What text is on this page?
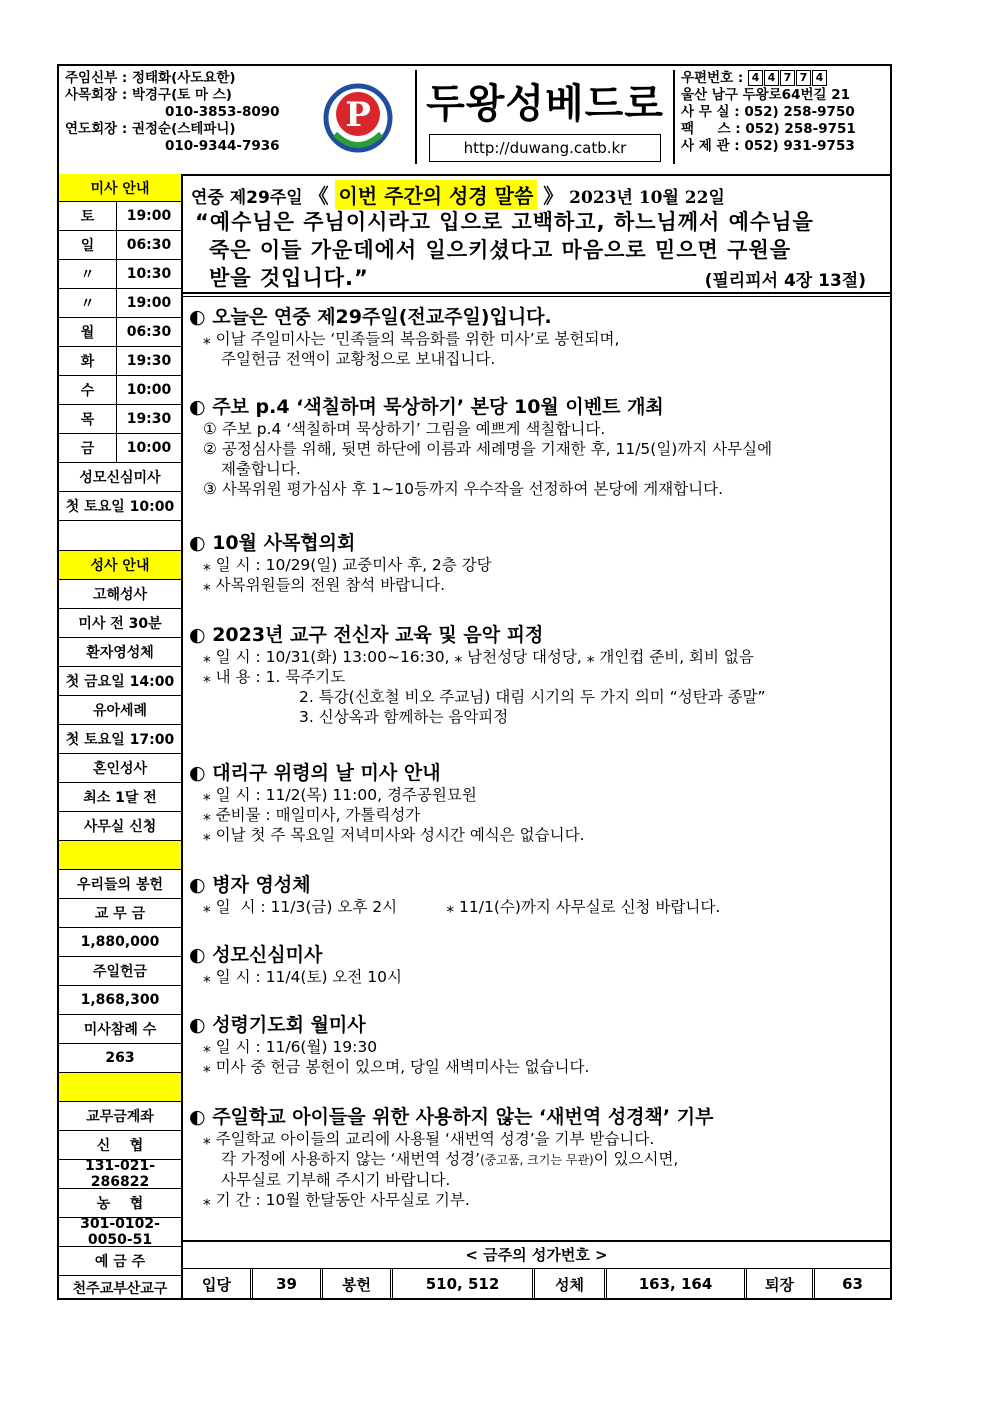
주임신부 : 정태화(사도요한)
사목회장 : 박경구(토 마 스)
010-3853-8090
연도회장 : 권정순(스테파니)
010-9344-7936
P 두왕성베드로
http://duwang.catb.kr
우편번호 : 4 4 7 7 4
울산 남구 두왕로64번길 21
사 무 실 : 052) 258-9750
팩     스 : 052) 258-9751
사 제 관 : 052) 931-9753
미사 안내
토	19:00
일	06:30
〃	10:30
〃	19:00
월	06:30
화	19:30
수	10:00
목	19:30
금	10:00
성모신심미사
첫 토요일 10:00
성사 안내
고해성사
미사 전 30분
환자영성체
첫 금요일 14:00
유아세례
첫 토요일 17:00
혼인성사
최소 1달 전
사무실 신청
우리들의 봉헌
교 무 금
1,880,000
주일헌금
1,868,300
미사참례 수
263
교무금계좌
신    협
131-021-286822
농    협
301-0102-0050-51
예 금 주
천주교부산교구
연중 제29주일 《 이번 주간의 성경 말씀 》 2023년 10월 22일
“예수님은 주님이시라고 입으로 고백하고, 하느님께서 예수님을
죽은 이들 가운데에서 일으키셨다고 마음으로 믿으면 구원을
받을 것입니다.”	(필리피서 4장 13절)
◐ 오늘은 연중 제29주일(전교주일)입니다.
⁎ 이날 주일미사는 ‘민족들의 복음화를 위한 미사’로 봉헌되며,
주일헌금 전액이 교황청으로 보내집니다.
◐ 주보 p.4 ‘색칠하며 묵상하기’ 본당 10월 이벤트 개최
① 주보 p.4 ‘색칠하며 묵상하기’ 그림을 예쁘게 색칠합니다.
② 공정심사를 위해, 뒷면 하단에 이름과 세례명을 기재한 후, 11/5(일)까지 사무실에
제출합니다.
③ 사목위원 평가심사 후 1~10등까지 우수작을 선정하여 본당에 게재합니다.
◐ 10월 사목협의회
⁎ 일 시 : 10/29(일) 교중미사 후, 2층 강당
⁎ 사목위원들의 전원 참석 바랍니다.
◐ 2023년 교구 전신자 교육 및 음악 피정
⁎ 일 시 : 10/31(화) 13:00~16:30, ⁎ 남천성당 대성당, ⁎ 개인컵 준비, 회비 없음
⁎ 내 용 : 1. 묵주기도
2. 특강(신호철 비오 주교님) 대림 시기의 두 가지 의미 “성탄과 종말”
3. 신상옥과 함께하는 음악피정
◐ 대리구 위령의 날 미사 안내
⁎ 일 시 : 11/2(목) 11:00, 경주공원묘원
⁎ 준비물 : 매일미사, 가톨릭성가
⁎ 이날 첫 주 목요일 저녁미사와 성시간 예식은 없습니다.
◐ 병자 영성체
⁎ 일  시 : 11/3(금) 오후 2시          ⁎ 11/1(수)까지 사무실로 신청 바랍니다.
◐ 성모신심미사
⁎ 일 시 : 11/4(토) 오전 10시
◐ 성령기도회 월미사
⁎ 일 시 : 11/6(월) 19:30
⁎ 미사 중 헌금 봉헌이 있으며, 당일 새벽미사는 없습니다.
◐ 주일학교 아이들을 위한 사용하지 않는 ‘새번역 성경책’ 기부
⁎ 주일학교 아이들의 교리에 사용될 ‘새번역 성경’을 기부 받습니다.
각 가정에 사용하지 않는 ‘새번역 성경’(중고품, 크기는 무관)이 있으시면,
사무실로 기부해 주시기 바랍니다.
⁎ 기 간 : 10월 한달동안 사무실로 기부.
< 금주의 성가번호 >
입당	39	봉헌	510, 512	성체	163, 164	퇴장	63
